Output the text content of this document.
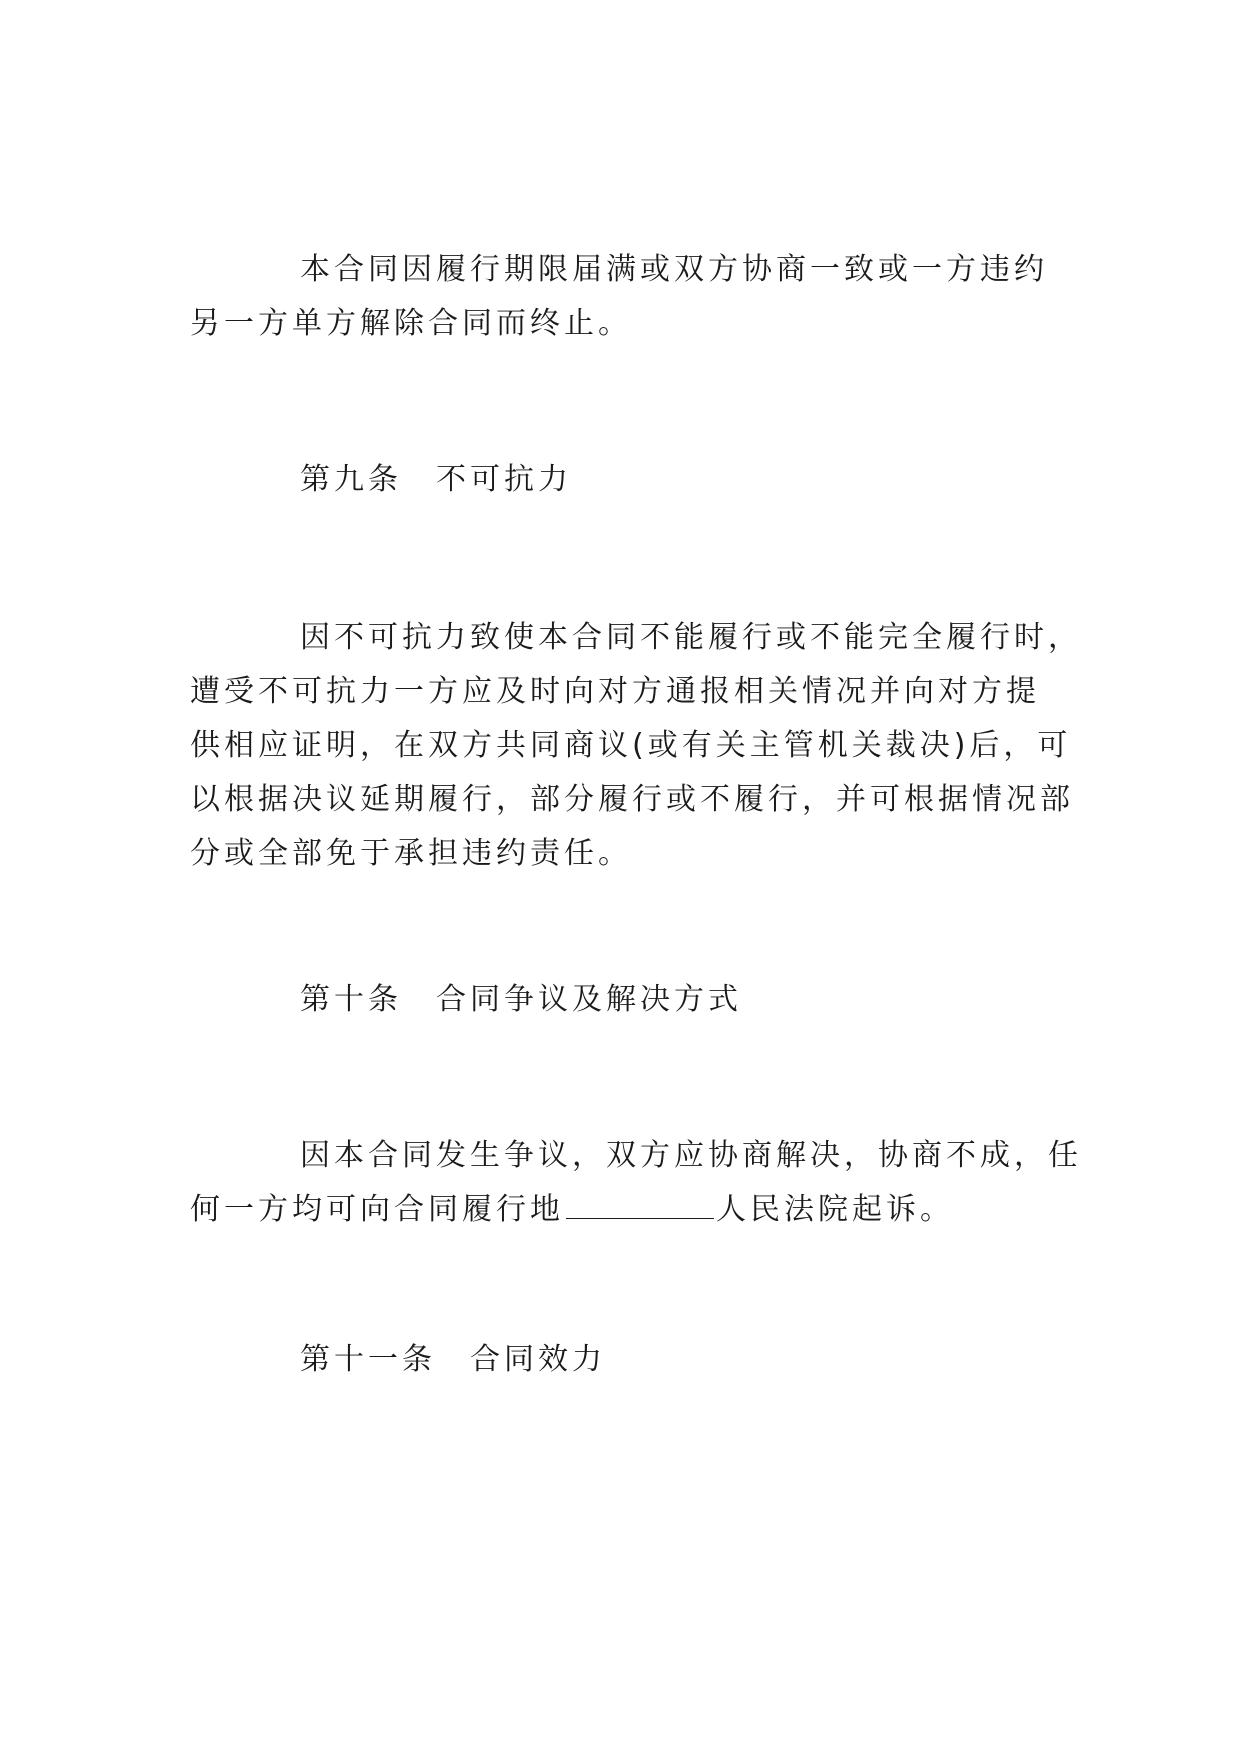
本合同因履行期限届满或双方协商一致或一方违约
另一方单方解除合同而终止。
第九条　不可抗力
因不可抗力致使本合同不能履行或不能完全履行时，
遭受不可抗力一方应及时向对方通报相关情况并向对方提
供相应证明，在双方共同商议(或有关主管机关裁决)后，可
以根据决议延期履行，部分履行或不履行，并可根据情况部
分或全部免于承担违约责任。
第十条　合同争议及解决方式
因本合同发生争议，双方应协商解决，协商不成，任
何一方均可向合同履行地	人民法院起诉。
第十一条　合同效力
